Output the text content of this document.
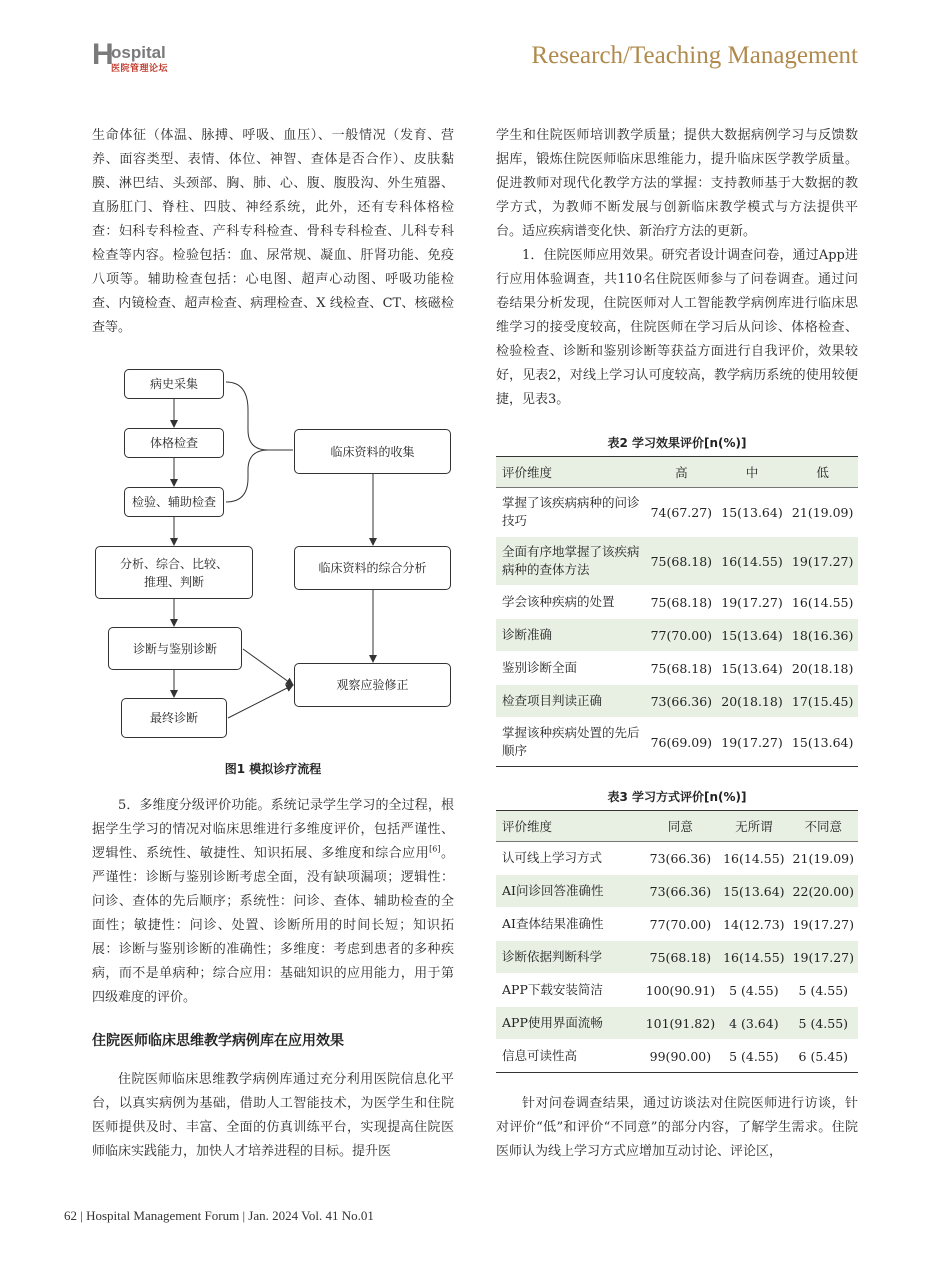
H
ospital
医院管理论坛	Research/Teaching Management

生命体征（体温、脉搏、呼吸、血压）、一般情况（发育、营养、面容类型、表情、体位、神智、查体是否合作）、皮肤黏膜、淋巴结、头颈部、胸、肺、心、腹、腹股沟、外生殖器、直肠肛门、脊柱、四肢、神经系统，此外，还有专科体格检查：妇科专科检查、产科专科检查、骨科专科检查、儿科专科检查等内容。检验包括：血、尿常规、凝血、肝肾功能、免疫八项等。辅助检查包括：心电图、超声心动图、呼吸功能检查、内镜检查、超声检查、病理检查、X 线检查、CT、核磁检查等。

病史采集
体格检查
检验、辅助检查
分析、综合、比较、
推理、判断
诊断与鉴别诊断
最终诊断
临床资料的收集
临床资料的综合分析
观察应验修正
图1 模拟诊疗流程

5．多维度分级评价功能。系统记录学生学习的全过程，根据学生学习的情况对临床思维进行多维度评价，包括严谨性、逻辑性、系统性、敏捷性、知识拓展、多维度和综合应用[6]。严谨性：诊断与鉴别诊断考虑全面，没有缺项漏项；逻辑性：问诊、查体的先后顺序；系统性：问诊、查体、辅助检查的全面性；敏捷性：问诊、处置、诊断所用的时间长短；知识拓展：诊断与鉴别诊断的准确性；多维度：考虑到患者的多种疾病，而不是单病种；综合应用：基础知识的应用能力，用于第四级难度的评价。

住院医师临床思维教学病例库在应用效果

住院医师临床思维教学病例库通过充分利用医院信息化平台，以真实病例为基础，借助人工智能技术，为医学生和住院医师提供及时、丰富、全面的仿真训练平台，实现提高住院医师临床实践能力，加快人才培养进程的目标。提升医

学生和住院医师培训教学质量；提供大数据病例学习与反馈数据库，锻炼住院医师临床思维能力，提升临床医学教学质量。促进教师对现代化教学方法的掌握：支持教师基于大数据的教学方式，为教师不断发展与创新临床教学模式与方法提供平台。适应疾病谱变化快、新治疗方法的更新。

1．住院医师应用效果。研究者设计调查问卷，通过App进行应用体验调查，共110名住院医师参与了问卷调查。通过问卷结果分析发现，住院医师对人工智能教学病例库进行临床思维学习的接受度较高，住院医师在学习后从问诊、体格检查、检验检查、诊断和鉴别诊断等获益方面进行自我评价，效果较好，见表2，对线上学习认可度较高，教学病历系统的使用较便捷，见表3。

表2 学习效果评价[n(%)]
评价维度	高	中	低
掌握了该疾病病种的问诊技巧	74(67.27)	15(13.64)	21(19.09)
全面有序地掌握了该疾病病种的查体方法	75(68.18)	16(14.55)	19(17.27)
学会该种疾病的处置	75(68.18)	19(17.27)	16(14.55)
诊断准确	77(70.00)	15(13.64)	18(16.36)
鉴别诊断全面	75(68.18)	15(13.64)	20(18.18)
检查项目判读正确	73(66.36)	20(18.18)	17(15.45)
掌握该种疾病处置的先后顺序	76(69.09)	19(17.27)	15(13.64)
表3 学习方式评价[n(%)]
评价维度	同意	无所谓	不同意
认可线上学习方式	73(66.36)	16(14.55)	21(19.09)
AI问诊回答准确性	73(66.36)	15(13.64)	22(20.00)
AI查体结果准确性	77(70.00)	14(12.73)	19(17.27)
诊断依据判断科学	75(68.18)	16(14.55)	19(17.27)
APP下载安装简洁	100(90.91)	5 (4.55)	5 (4.55)
APP使用界面流畅	101(91.82)	4 (3.64)	5 (4.55)
信息可读性高	99(90.00)	5 (4.55)	6 (5.45)

针对问卷调查结果，通过访谈法对住院医师进行访谈，针对评价“低”和评价“不同意”的部分内容，了解学生需求。住院医师认为线上学习方式应增加互动讨论、评论区，

62 | Hospital Management Forum | Jan. 2024 Vol. 41 No.01
